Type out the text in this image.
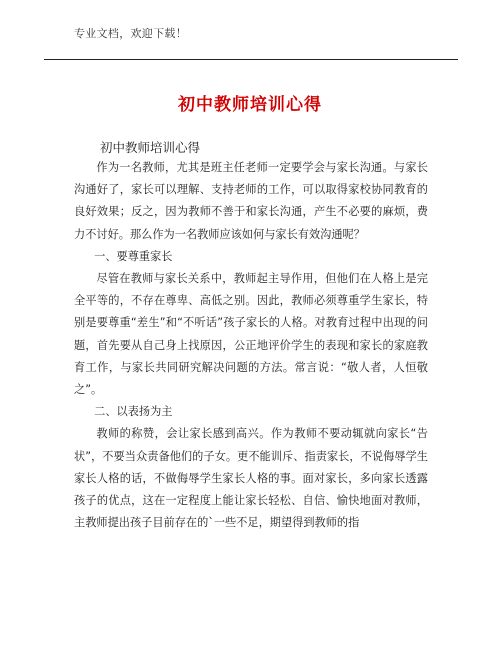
专业文档，欢迎下载！
初中教师培训心得
初中教师培训心得

作为一名教师，尤其是班主任老师一定要学会与家长沟通。与家长沟通好了，家长可以理解、支持老师的工作，可以取得家校协同教育的良好效果；反之，因为教师不善于和家长沟通，产生不必要的麻烦，费力不讨好。那么作为一名教师应该如何与家长有效沟通呢？

一、要尊重家长

尽管在教师与家长关系中，教师起主导作用，但他们在人格上是完全平等的，不存在尊卑、高低之别。因此，教师必须尊重学生家长，特别是要尊重“差生”和“不听话”孩子家长的人格。对教育过程中出现的问题，首先要从自己身上找原因，公正地评价学生的表现和家长的家庭教育工作，与家长共同研究解决问题的方法。常言说：“敬人者，人恒敬之”。

二、以表扬为主

教师的称赞，会让家长感到高兴。作为教师不要动辄就向家长“告状”，不要当众责备他们的子女。更不能训斥、指责家长，不说侮辱学生家长人格的话，不做侮辱学生家长人格的事。面对家长，多向家长透露孩子的优点，这在一定程度上能让家长轻松、自信、愉快地面对教师，主教师提出孩子目前存在的`一些不足，期望得到教师的指
